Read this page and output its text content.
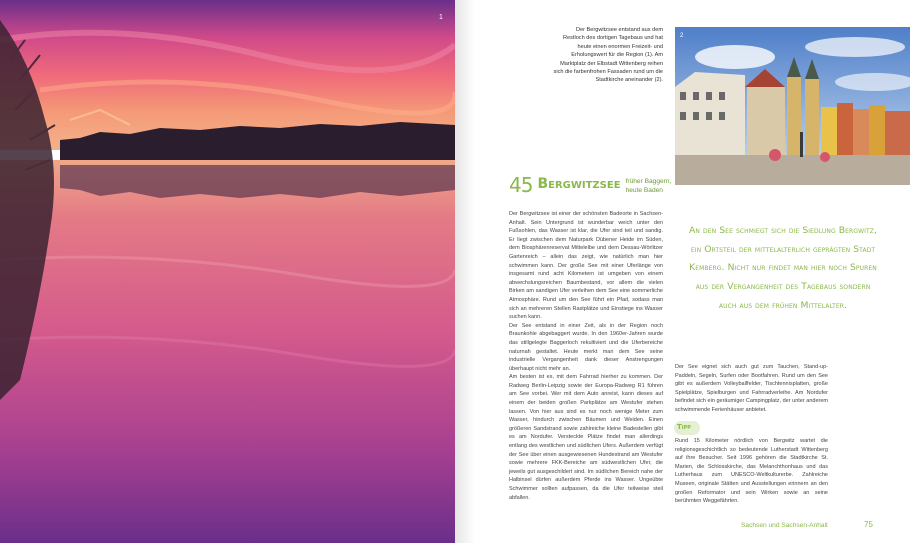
1
Der Bergwitzsee entstand aus dem Restloch des dortigen Tagebaus und hat heute einen enormen Freizeit- und Erholungswert für die Region (1). Am Marktplatz der Elbstadt Wittenberg reihen sich die farbenfrohen Fassaden rund um die Stadtkirche aneinander (2).
2
45 Bergwitzsee früher Baggern, heute Baden

Der Bergwitzsee ist einer der schönsten Badeorte in Sachsen-Anhalt. Sein Untergrund ist wunderbar weich unter den Fußsohlen, das Wasser ist klar, die Ufer sind teil und sandig. Er liegt zwischen dem Naturpark Dübener Heide im Süden, dem Biosphärenreservat Mittelelbe und dem Dessau-Wörlitzer Gartenreich – allein das zeigt, wie natürlich man hier schwimmen kann. Der große See mit einer Uferlänge von insgesamt rund acht Kilometern ist umgeben von einem abwechslungsreichen Baumbestand, vor allem die vielen Birken am sandigen Ufer verleihen dem See eine sommerliche Atmosphäre. Rund um den See führt ein Pfad, sodass man sich an mehreren Stellen Rastplätze und Einstiege ins Wasser suchen kann.

Der See entstand in einer Zeit, als in der Region noch Braunkohle abgebaggert wurde. In den 1960er-Jahren wurde das stillgelegte Baggerloch rekultiviert und die Uferbereiche naturnah gestaltet. Heute merkt man dem See seine industrielle Vergangenheit dank dieser Anstrengungen überhaupt nicht mehr an.

Am besten ist es, mit dem Fahrrad hierher zu kommen. Der Radweg Berlin-Leipzig sowie der Europa-Radweg R1 führen am See vorbei. Wer mit dem Auto anreist, kann dieses auf einem der beiden großen Parkplätze am Westufer stehen lassen. Von hier aus sind es nur noch wenige Meter zum Wasser, hindurch zwischen Bäumen und Weiden. Einen größeren Sandstrand sowie zahlreiche kleine Badestellen gibt es am Nordufer. Versteckte Plätze findet man allerdings entlang des westlichen und südlichen Ufers. Außerdem verfügt der See über einen ausgewiesenen Hundestrand am Westufer sowie mehrere FKK-Bereiche am südwestlichen Ufer, die jeweils gut ausgeschildert sind. Im südlichen Bereich nahe der Halbinsel dürfen außerdem Pferde ins Wasser. Ungeübte Schwimmer sollten aufpassen, da die Ufer teilweise steil abfallen.

An den See schmiegt sich die Siedlung Bergwitz, ein Ortsteil der mittelalterlich geprägten Stadt Kemberg. Nicht nur findet man hier noch Spuren aus der Vergangenheit des Tagebaus sondern auch aus dem frühen Mittelalter.

Der See eignet sich auch gut zum Tauchen, Stand-up-Paddeln, Segeln, Surfen oder Bootfahren. Rund um den See gibt es außerdem Volleyballfelder, Tischtennisplatten, große Spielplätze, Spielburgen und Fahrradverleihe. Am Nordufer befindet sich ein geräumiger Campingplatz, der unter anderem schwimmende Ferienhäuser anbietet.

Tipp

Rund 15 Kilometer nördlich von Bergwitz wartet die religionsgeschichtlich so bedeutende Lutherstadt Wittenberg auf ihre Besucher. Seit 1996 gehören die Stadtkirche St. Marien, die Schlosskirche, das Melanchthonhaus und das Lutherhaus zum UNESCO-Weltkulturerbe. Zahlreiche Museen, originale Stätten und Ausstellungen erinnern an den großen Reformator und sein Wirken sowie an seine berühmten Weggefährten.

Sachsen und Sachsen-Anhalt	75
